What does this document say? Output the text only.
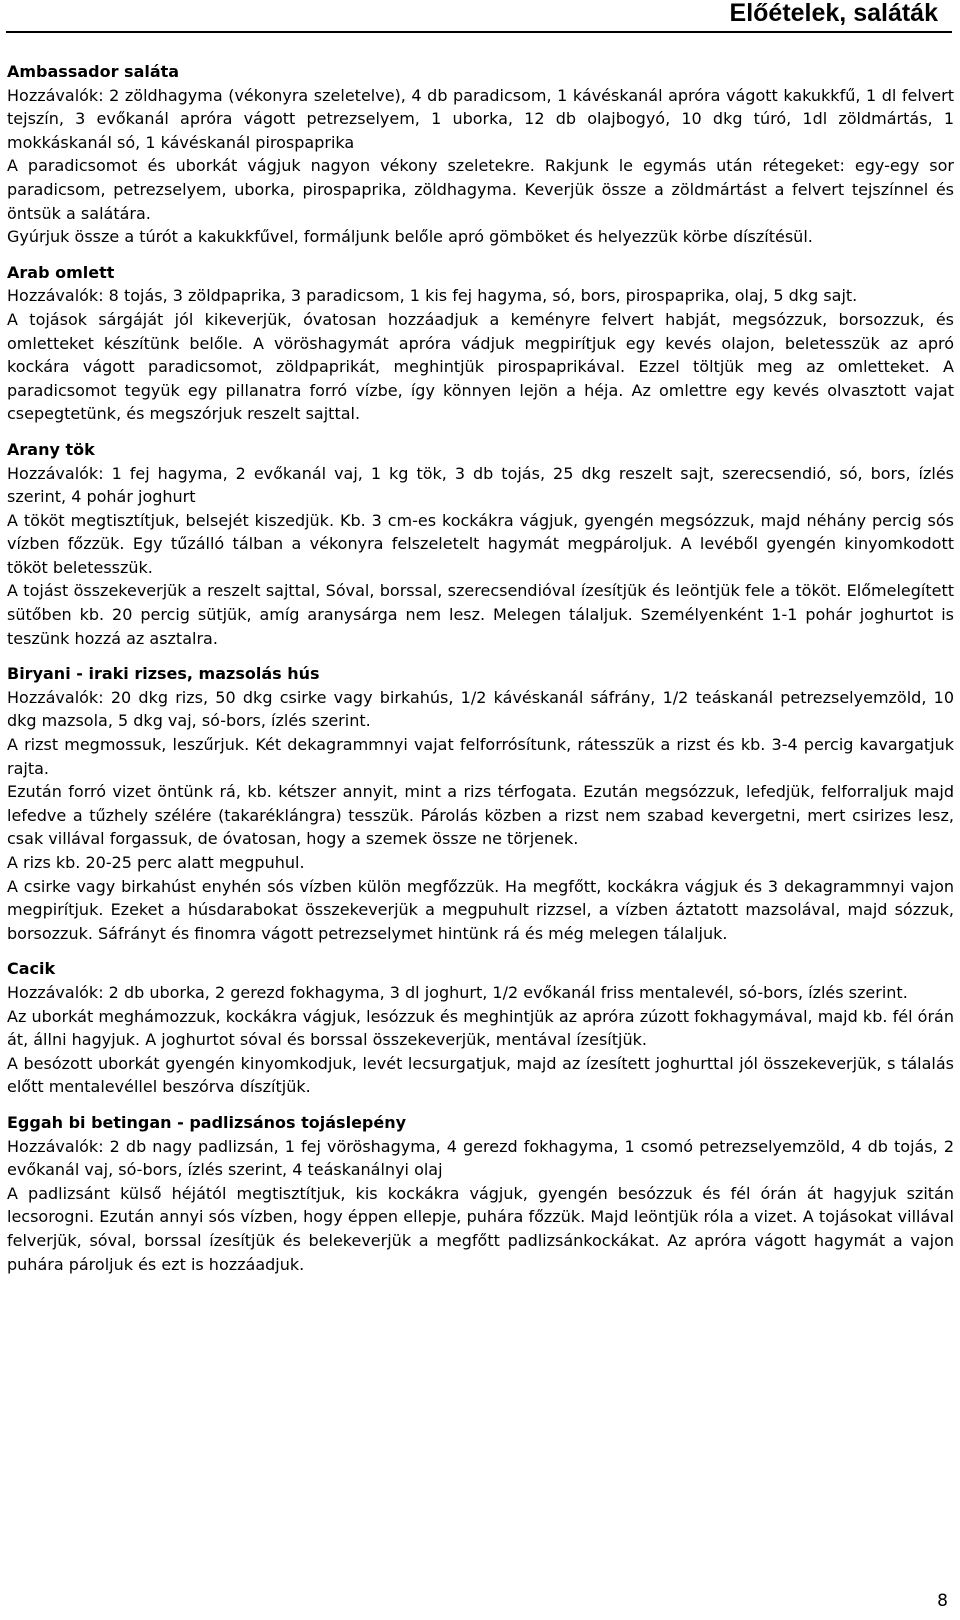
Előételek, saláták

Ambassador saláta

Hozzávalók: 2 zöldhagyma (vékonyra szeletelve), 4 db paradicsom, 1 kávéskanál apróra vágott kakukkfű, 1 dl felvert tejszín, 3 evőkanál apróra vágott petrezselyem, 1 uborka, 12 db olajbogyó, 10 dkg túró, 1dl zöldmártás, 1 mokkáskanál só, 1 kávéskanál pirospaprika

A paradicsomot és uborkát vágjuk nagyon vékony szeletekre. Rakjunk le egymás után rétegeket: egy-egy sor paradicsom, petrezselyem, uborka, pirospaprika, zöldhagyma. Keverjük össze a zöldmártást a felvert tejszínnel és öntsük a salátára.

Gyúrjuk össze a túrót a kakukkfűvel, formáljunk belőle apró gömböket és helyezzük körbe díszítésül.

Arab omlett

Hozzávalók: 8 tojás, 3 zöldpaprika, 3 paradicsom, 1 kis fej hagyma, só, bors, pirospaprika, olaj, 5 dkg sajt.

A tojások sárgáját jól kikeverjük, óvatosan hozzáadjuk a keményre felvert habját, megsózzuk, borsozzuk, és omletteket készítünk belőle. A vöröshagymát apróra vádjuk megpirítjuk egy kevés olajon, beletesszük az apró kockára vágott paradicsomot, zöldpaprikát, meghintjük pirospaprikával. Ezzel töltjük meg az omletteket. A paradicsomot tegyük egy pillanatra forró vízbe, így könnyen lejön a héja. Az omlettre egy kevés olvasztott vajat csepegtetünk, és megszórjuk reszelt sajttal.

Arany tök

Hozzávalók: 1 fej hagyma, 2 evőkanál vaj, 1 kg tök, 3 db tojás, 25 dkg reszelt sajt, szerecsendió, só, bors, ízlés szerint, 4 pohár joghurt

A tököt megtisztítjuk, belsejét kiszedjük. Kb. 3 cm-es kockákra vágjuk, gyengén megsózzuk, majd néhány percig sós vízben főzzük. Egy tűzálló tálban a vékonyra felszeletelt hagymát megpároljuk. A levéből gyengén kinyomkodott tököt beletesszük.

A tojást összekeverjük a reszelt sajttal, Sóval, borssal, szerecsendióval ízesítjük és leöntjük fele a tököt. Előmelegített sütőben kb. 20 percig sütjük, amíg aranysárga nem lesz. Melegen tálaljuk. Személyenként 1-1 pohár joghurtot is teszünk hozzá az asztalra.

Biryani - iraki rizses, mazsolás hús

Hozzávalók: 20 dkg rizs, 50 dkg csirke vagy birkahús, 1/2 kávéskanál sáfrány, 1/2 teáskanál petrezselyemzöld, 10 dkg mazsola, 5 dkg vaj, só-bors, ízlés szerint.

A rizst megmossuk, leszűrjuk. Két dekagrammnyi vajat felforrósítunk, rátesszük a rizst és kb. 3-4 percig kavargatjuk rajta.

Ezután forró vizet öntünk rá, kb. kétszer annyit, mint a rizs térfogata. Ezután megsózzuk, lefedjük, felforraljuk majd lefedve a tűzhely szélére (takaréklángra) tesszük. Párolás közben a rizst nem szabad kevergetni, mert csirizes lesz, csak villával forgassuk, de óvatosan, hogy a szemek össze ne törjenek.

A rizs kb. 20-25 perc alatt megpuhul.

A csirke vagy birkahúst enyhén sós vízben külön megfőzzük. Ha megfőtt, kockákra vágjuk és 3 dekagrammnyi vajon megpirítjuk. Ezeket a húsdarabokat összekeverjük a megpuhult rizzsel, a vízben áztatott mazsolával, majd sózzuk, borsozzuk. Sáfrányt és finomra vágott petrezselymet hintünk rá és még melegen tálaljuk.

Cacik

Hozzávalók: 2 db uborka, 2 gerezd fokhagyma, 3 dl joghurt, 1/2 evőkanál friss mentalevél, só-bors, ízlés szerint.

Az uborkát meghámozzuk, kockákra vágjuk, lesózzuk és meghintjük az apróra zúzott fokhagymával, majd kb. fél órán át, állni hagyjuk. A joghurtot sóval és borssal összekeverjük, mentával ízesítjük.

A besózott uborkát gyengén kinyomkodjuk, levét lecsurgatjuk, majd az ízesített joghurttal jól összekeverjük, s tálalás előtt mentalevéllel beszórva díszítjük.

Eggah bi betingan - padlizsános tojáslepény

Hozzávalók: 2 db nagy padlizsán, 1 fej vöröshagyma, 4 gerezd fokhagyma, 1 csomó petrezselyemzöld, 4 db tojás, 2 evőkanál vaj, só-bors, ízlés szerint, 4 teáskanálnyi olaj

A padlizsánt külső héjától megtisztítjuk, kis kockákra vágjuk, gyengén besózzuk és fél órán át hagyjuk szitán lecsorogni. Ezután annyi sós vízben, hogy éppen ellepje, puhára főzzük. Majd leöntjük róla a vizet. A tojásokat villával felverjük, sóval, borssal ízesítjük és belekeverjük a megfőtt padlizsánkockákat. Az apróra vágott hagymát a vajon puhára pároljuk és ezt is hozzáadjuk.

8
